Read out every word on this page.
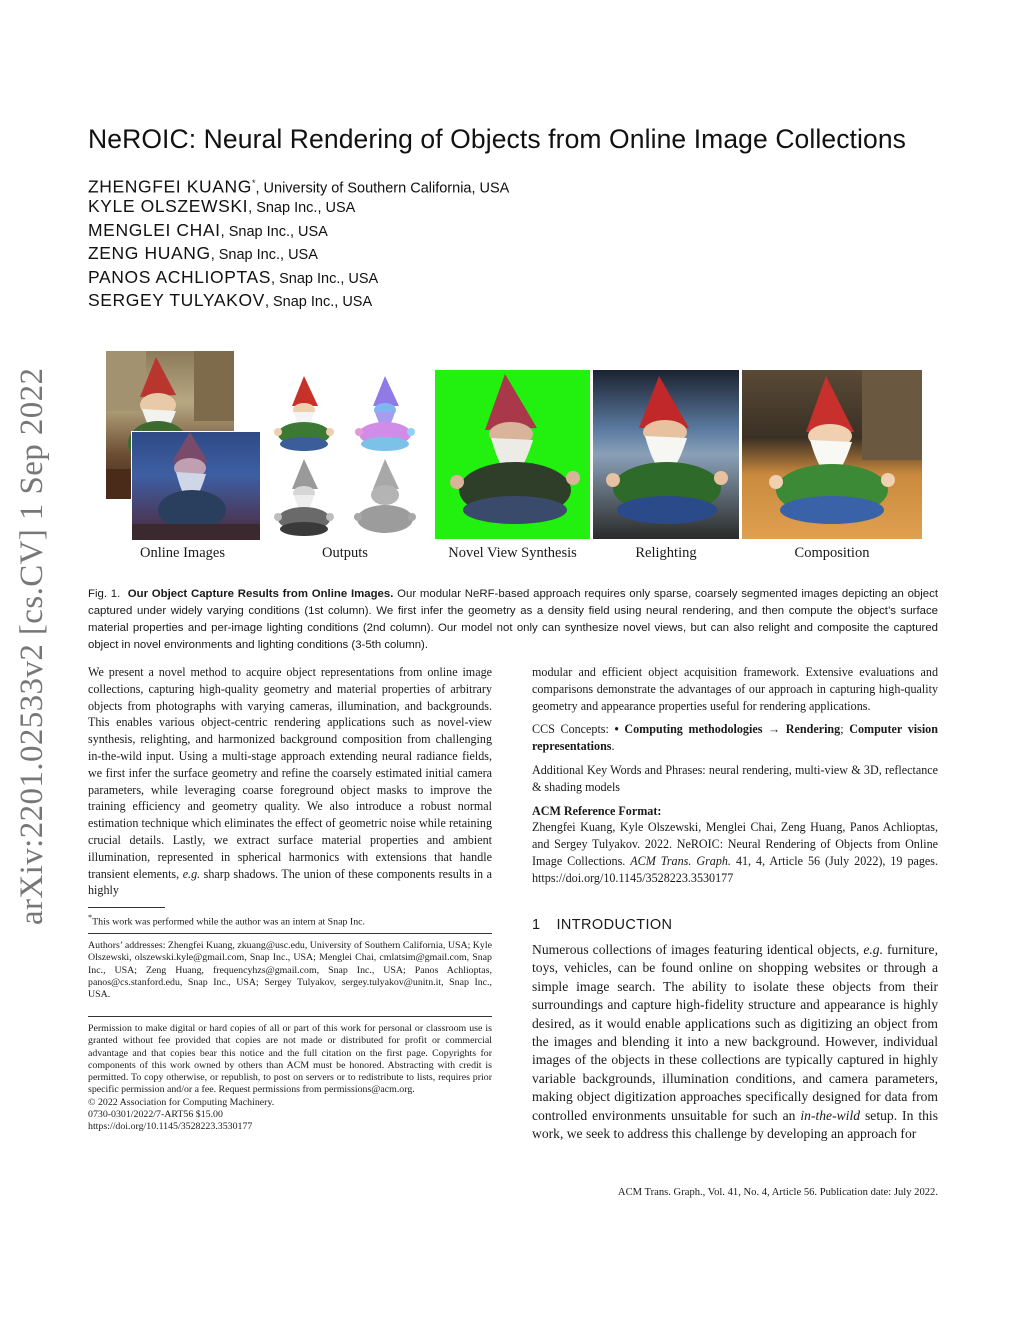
arXiv:2201.02533v2 [cs.CV] 1 Sep 2022
NeROIC: Neural Rendering of Objects from Online Image Collections
ZHENGFEI KUANG*, University of Southern California, USA
KYLE OLSZEWSKI, Snap Inc., USA
MENGLEI CHAI, Snap Inc., USA
ZENG HUANG, Snap Inc., USA
PANOS ACHLIOPTAS, Snap Inc., USA
SERGEY TULYAKOV, Snap Inc., USA
Online Images	Outputs	Novel View Synthesis	Relighting	Composition
Fig. 1. Our Object Capture Results from Online Images. Our modular NeRF-based approach requires only sparse, coarsely segmented images depicting an object captured under widely varying conditions (1st column). We first infer the geometry as a density field using neural rendering, and then compute the object’s surface material properties and per-image lighting conditions (2nd column). Our model not only can synthesize novel views, but can also relight and composite the captured object in novel environments and lighting conditions (3-5th column).

We present a novel method to acquire object representations from online image collections, capturing high-quality geometry and material properties of arbitrary objects from photographs with varying cameras, illumination, and backgrounds. This enables various object-centric rendering applications such as novel-view synthesis, relighting, and harmonized background composition from challenging in-the-wild input. Using a multi-stage approach extending neural radiance fields, we first infer the surface geometry and refine the coarsely estimated initial camera parameters, while leveraging coarse foreground object masks to improve the training efficiency and geometry quality. We also introduce a robust normal estimation technique which eliminates the effect of geometric noise while retaining crucial details. Lastly, we extract surface material properties and ambient illumination, represented in spherical harmonics with extensions that handle transient elements, e.g. sharp shadows. The union of these components results in a highly

*This work was performed while the author was an intern at Snap Inc.
Authors’ addresses: Zhengfei Kuang, zkuang@usc.edu, University of Southern California, USA; Kyle Olszewski, olszewski.kyle@gmail.com, Snap Inc., USA; Menglei Chai, cmlatsim@gmail.com, Snap Inc., USA; Zeng Huang, frequencyhzs@gmail.com, Snap Inc., USA; Panos Achlioptas, panos@cs.stanford.edu, Snap Inc., USA; Sergey Tulyakov, sergey.tulyakov@unitn.it, Snap Inc., USA.
Permission to make digital or hard copies of all or part of this work for personal or classroom use is granted without fee provided that copies are not made or distributed for profit or commercial advantage and that copies bear this notice and the full citation on the first page. Copyrights for components of this work owned by others than ACM must be honored. Abstracting with credit is permitted. To copy otherwise, or republish, to post on servers or to redistribute to lists, requires prior specific permission and/or a fee. Request permissions from permissions@acm.org.
© 2022 Association for Computing Machinery.
0730-0301/2022/7-ART56 $15.00
https://doi.org/10.1145/3528223.3530177

modular and efficient object acquisition framework. Extensive evaluations and comparisons demonstrate the advantages of our approach in capturing high-quality geometry and appearance properties useful for rendering applications.

CCS Concepts: • Computing methodologies → Rendering; Computer vision representations.

Additional Key Words and Phrases: neural rendering, multi-view & 3D, reflectance & shading models

ACM Reference Format:

Zhengfei Kuang, Kyle Olszewski, Menglei Chai, Zeng Huang, Panos Achlioptas, and Sergey Tulyakov. 2022. NeROIC: Neural Rendering of Objects from Online Image Collections. ACM Trans. Graph. 41, 4, Article 56 (July 2022), 19 pages. https://doi.org/10.1145/3528223.3530177

1 INTRODUCTION
Numerous collections of images featuring identical objects, e.g. furniture, toys, vehicles, can be found online on shopping websites or through a simple image search. The ability to isolate these objects from their surroundings and capture high-fidelity structure and appearance is highly desired, as it would enable applications such as digitizing an object from the images and blending it into a new background. However, individual images of the objects in these collections are typically captured in highly variable backgrounds, illumination conditions, and camera parameters, making object digitization approaches specifically designed for data from controlled environments unsuitable for such an in-the-wild setup. In this work, we seek to address this challenge by developing an approach for
ACM Trans. Graph., Vol. 41, No. 4, Article 56. Publication date: July 2022.
